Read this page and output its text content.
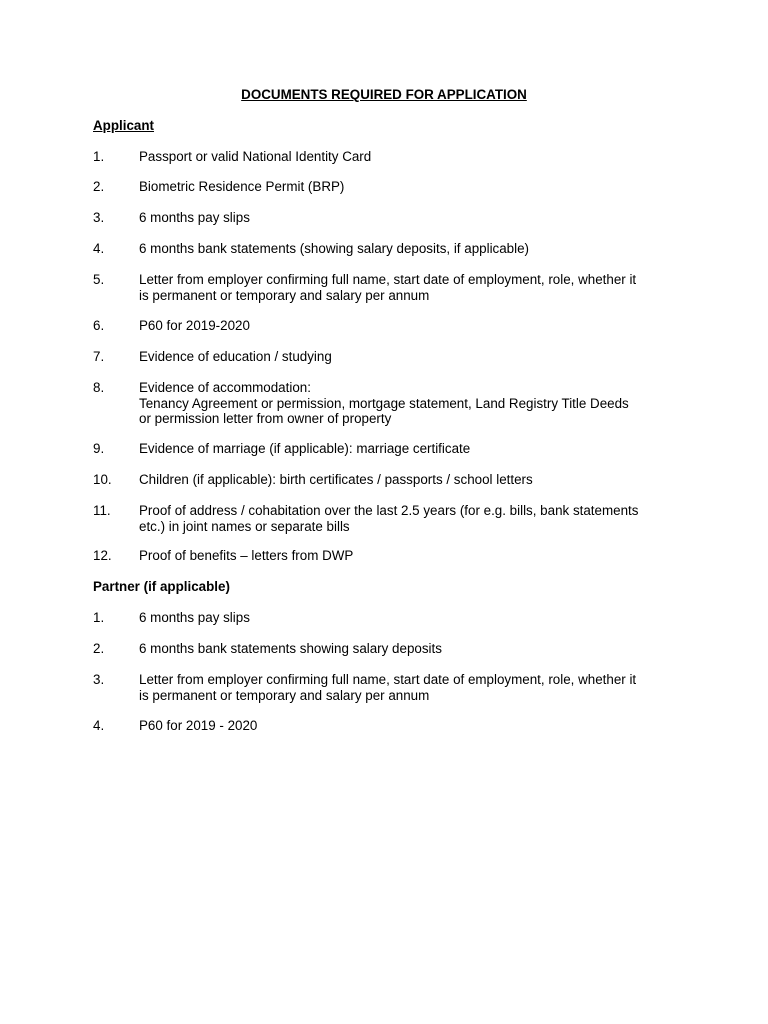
DOCUMENTS REQUIRED FOR APPLICATION
Applicant
1.	Passport or valid National Identity Card
2.	Biometric Residence Permit (BRP)
3.	6 months pay slips
4.	6 months bank statements (showing salary deposits, if applicable)
5.	Letter from employer confirming full name, start date of employment, role, whether it
is permanent or temporary and salary per annum
6.	P60 for 2019-2020
7.	Evidence of education / studying
8.	Evidence of accommodation:
Tenancy Agreement or permission, mortgage statement, Land Registry Title Deeds
or permission letter from owner of property
9.	Evidence of marriage (if applicable): marriage certificate
10.	Children (if applicable): birth certificates / passports / school letters
11.	Proof of address / cohabitation over the last 2.5 years (for e.g. bills, bank statements
etc.) in joint names or separate bills
12.	Proof of benefits – letters from DWP
Partner (if applicable)
1.	6 months pay slips
2.	6 months bank statements showing salary deposits
3.	Letter from employer confirming full name, start date of employment, role, whether it
is permanent or temporary and salary per annum
4.	P60 for 2019 - 2020
